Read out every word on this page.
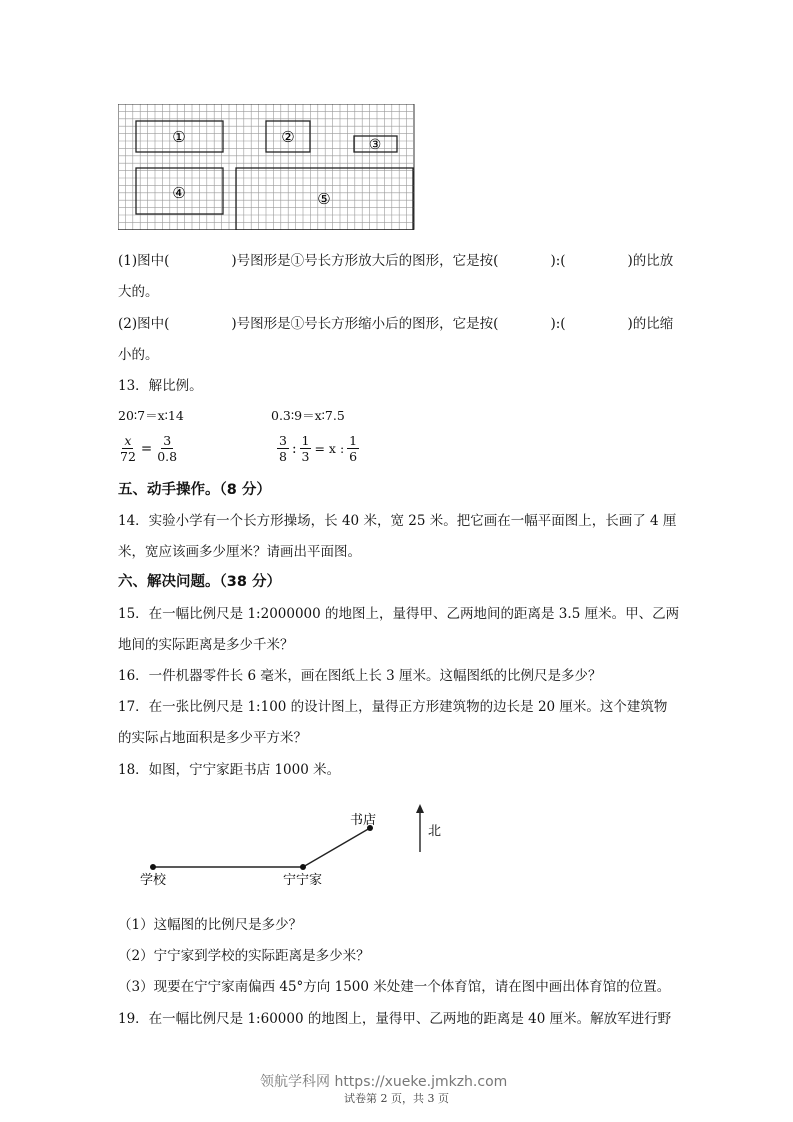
①	②	③
④	⑤
(1)图中(	)号图形是①号长方形放大后的图形，它是按(	):(	)的比放
大的。
(2)图中(	)号图形是①号长方形缩小后的图形，它是按(	):(	)的比缩
小的。
13．解比例。
20∶7＝x∶14	0.3∶9＝x∶7.5
$\frac{x}{72} = \frac{3}{0.8}$	$\frac{3}{8}$ : $\frac{1}{3} = x$ : $\frac{1}{6}$
五、动手操作。（8 分）
14．实验小学有一个长方形操场，长 40 米，宽 25 米。把它画在一幅平面图上，长画了 4 厘
米，宽应该画多少厘米？请画出平面图。
六、解决问题。（38 分）
15．在一幅比例尺是 1:2000000 的地图上，量得甲、乙两地间的距离是 3.5 厘米。甲、乙两
地间的实际距离是多少千米？
16．一件机器零件长 6 毫米，画在图纸上长 3 厘米。这幅图纸的比例尺是多少？
17．在一张比例尺是 1:100 的设计图上，量得正方形建筑物的边长是 20 厘米。这个建筑物
的实际占地面积是多少平方米？
18．如图，宁宁家距书店 1000 米。
书店
北
学校	宁宁家
（1）这幅图的比例尺是多少？
（2）宁宁家到学校的实际距离是多少米？
（3）现要在宁宁家南偏西 45°方向 1500 米处建一个体育馆，请在图中画出体育馆的位置。
19．在一幅比例尺是 1:60000 的地图上，量得甲、乙两地的距离是 40 厘米。解放军进行野
领航学科网 https://xueke.jmkzh.com
试卷第 2 页，共 3 页
